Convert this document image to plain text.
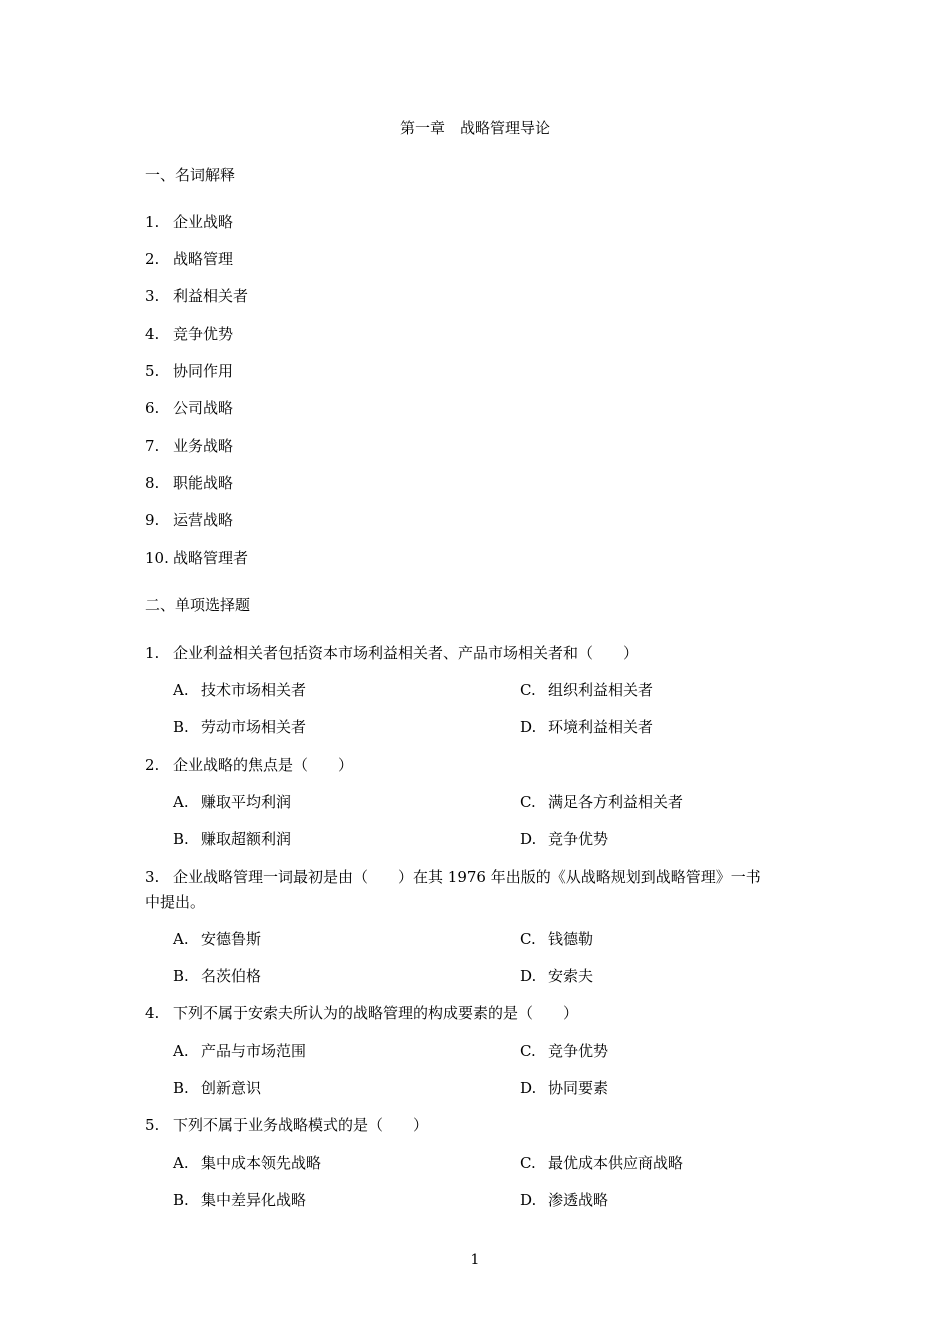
第一章　战略管理导论
一、名词解释
1. 企业战略
2. 战略管理
3. 利益相关者
4. 竞争优势
5. 协同作用
6. 公司战略
7. 业务战略
8. 职能战略
9. 运营战略
10. 战略管理者
二、单项选择题
1. 企业利益相关者包括资本市场利益相关者、产品市场相关者和（　　）
A. 技术市场相关者	C. 组织利益相关者
B. 劳动市场相关者	D. 环境利益相关者
2. 企业战略的焦点是（　　）
A. 赚取平均利润	C. 满足各方利益相关者
B. 赚取超额利润	D. 竞争优势
3. 企业战略管理一词最初是由（　　）在其 1976 年出版的《从战略规划到战略管理》一书
中提出。
A. 安德鲁斯	C. 钱德勒
B. 名茨伯格	D. 安索夫
4. 下列不属于安索夫所认为的战略管理的构成要素的是（　　）
A. 产品与市场范围	C. 竞争优势
B. 创新意识	D. 协同要素
5. 下列不属于业务战略模式的是（　　）
A. 集中成本领先战略	C. 最优成本供应商战略
B. 集中差异化战略	D. 渗透战略
1
